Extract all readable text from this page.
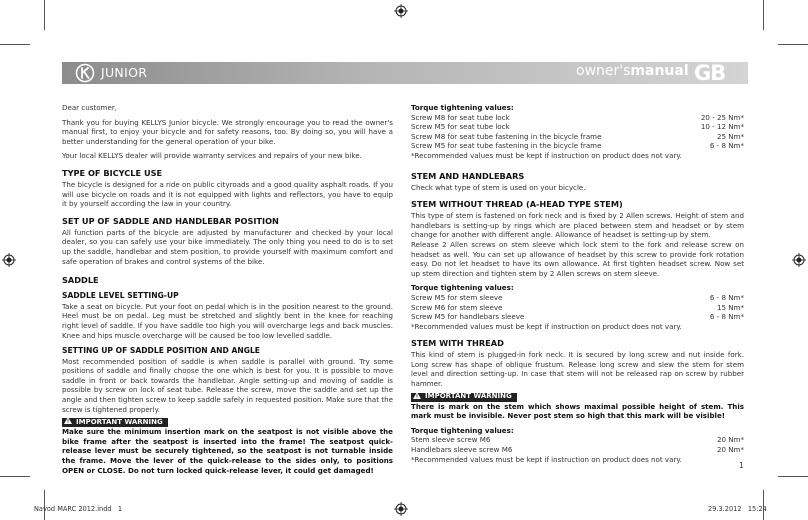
JUNIOR	owner'smanual GB

Dear customer,

Thank you for buying KELLYS Junior bicycle. We strongly encourage you to read the owner's manual first, to enjoy your bicycle and for safety reasons, too. By doing so, you will have a better understanding for the general operation of your bike.

Your local KELLYS dealer will provide warranty services and repairs of your new bike.

TYPE OF BICYCLE USE

The bicycle is designed for a ride on public cityroads and a good quality asphalt roads. If you will use bicycle on roads and it is not equipped with lights and reflectors, you have to equip it by yourself according the law in your country.

SET UP OF SADDLE AND HANDLEBAR POSITION

All function parts of the bicycle are adjusted by manufacturer and checked by your local dealer, so you can safely use your bike immediately. The only thing you need to do is to set up the saddle, handlebar and stem position, to provide yourself with maximum comfort and safe operation of brakes and control systems of the bike.

SADDLE
SADDLE LEVEL SETTING-UP

Take a seat on bicycle. Put your foot on pedal which is in the position nearest to the ground. Heel must be on pedal. Leg must be stretched and slightly bent in the knee for reaching right level of saddle. If you have saddle too high you will overcharge legs and back muscles. Knee and hips muscle overcharge will be caused be too low levelled saddle.

SETTING UP OF SADDLE POSITION AND ANGLE

Most recommended position of saddle is when saddle is parallel with ground. Try some positions of saddle and finally choose the one which is best for you. It is possible to move saddle in front or back towards the handlebar. Angle setting-up and moving of saddle is possible by screw on lock of seat tube. Release the screw, move the saddle and set up the angle and then tighten screw to keep saddle safely in requested position. Make sure that the screw is tightened properly.

IMPORTANT WARNING

Make sure the minimum insertion mark on the seatpost is not visible above the bike frame after the seatpost is inserted into the frame! The seatpost quick-release lever must be securely tightened, so the seatpost is not turnable inside the frame. Move the lever of the quick-release to the sides only, to positions OPEN or CLOSE. Do not turn locked quick-release lever, it could get damaged!

Torque tightening values:
Screw M8 for seat tube lock	20 - 25 Nm*
Screw M5 for seat tube lock	10 - 12 Nm*
Screw M8 for seat tube fastening in the bicycle frame	25 Nm*
Screw M5 for seat tube fastening in the bicycle frame	6 - 8 Nm*
*Recommended values must be kept if instruction on product does not vary.
STEM AND HANDLEBARS

Check what type of stem is used on your bicycle.

STEM WITHOUT THREAD (A-HEAD TYPE STEM)

This type of stem is fastened on fork neck and is fixed by 2 Allen screws. Height of stem and handlebars is setting-up by rings which are placed between stem and headset or by stem change for another with different angle. Allowance of headset is setting-up by stem.

Release 2 Allen screws on stem sleeve which lock stem to the fork and release screw on headset as well. You can set up allowance of headset by this screw to provide fork rotation easy. Do not let headset to have its own allowance. At first tighten headset screw. Now set up stem direction and tighten stem by 2 Allen screws on stem sleeve.

Torque tightening values:
Screw M5 for stem sleeve	6 - 8 Nm*
Screw M6 for stem sleeve	15 Nm*
Screw M5 for handlebars sleeve	6 - 8 Nm*
*Recommended values must be kept if instruction on product does not vary.
STEM WITH THREAD

This kind of stem is plugged-in fork neck. It is secured by long screw and nut inside fork. Long screw has shape of oblique frustum. Release long screw and slew the stem for stem level and direction setting-up. In case that stem will not be released rap on screw by rubber hammer.

IMPORTANT WARNING

There is mark on the stem which shows maximal possible height of stem. This mark must be invisible. Never post stem so high that this mark will be visible!

Torque tightening values:
Stem sleeve screw M6	20 Nm*
Handlebars sleeve screw M6	20 Nm*
*Recommended values must be kept if instruction on product does not vary.
1
Navod MARC 2012.indd   1	29.3.2012   15:24
